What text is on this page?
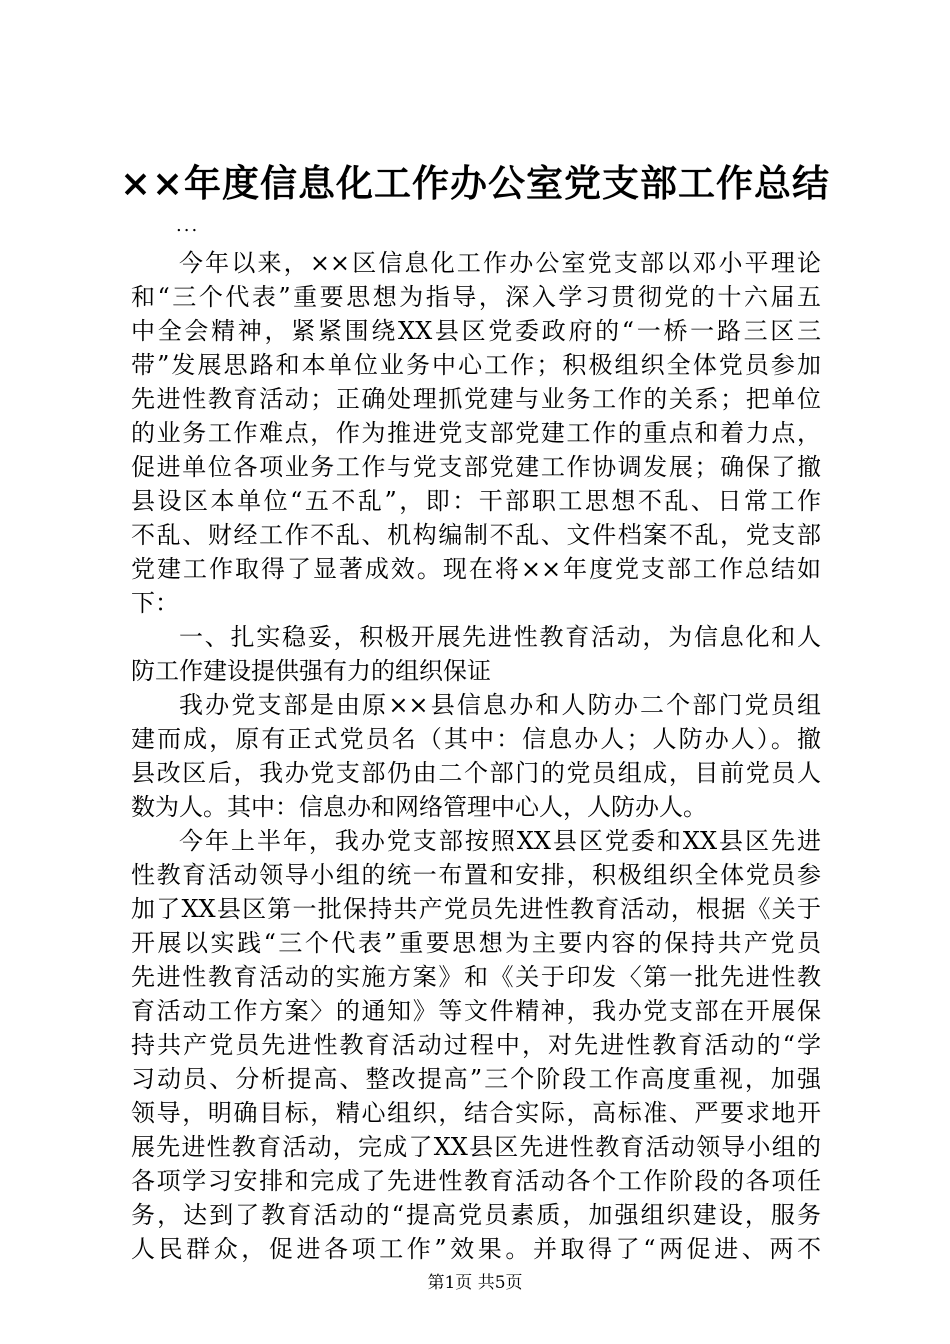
××年度信息化工作办公室党支部工作总结
...
今年以来，××区信息化工作办公室党支部以邓小平理论
和“三个代表”重要思想为指导，深入学习贯彻党的十六届五
中全会精神，紧紧围绕XX县区党委政府的“一桥一路三区三
带”发展思路和本单位业务中心工作；积极组织全体党员参加
先进性教育活动；正确处理抓党建与业务工作的关系；把单位
的业务工作难点，作为推进党支部党建工作的重点和着力点，
促进单位各项业务工作与党支部党建工作协调发展；确保了撤
县设区本单位“五不乱”，即：干部职工思想不乱、日常工作
不乱、财经工作不乱、机构编制不乱、文件档案不乱，党支部
党建工作取得了显著成效。现在将××年度党支部工作总结如
下：
一、扎实稳妥，积极开展先进性教育活动，为信息化和人
防工作建设提供强有力的组织保证
我办党支部是由原××县信息办和人防办二个部门党员组
建而成，原有正式党员名（其中：信息办人；人防办人）。撤
县改区后，我办党支部仍由二个部门的党员组成，目前党员人
数为人。其中：信息办和网络管理中心人，人防办人。
今年上半年，我办党支部按照XX县区党委和XX县区先进
性教育活动领导小组的统一布置和安排，积极组织全体党员参
加了XX县区第一批保持共产党员先进性教育活动，根据《关于
开展以实践“三个代表”重要思想为主要内容的保持共产党员
先进性教育活动的实施方案》和《关于印发〈第一批先进性教
育活动工作方案〉的通知》等文件精神，我办党支部在开展保
持共产党员先进性教育活动过程中，对先进性教育活动的“学
习动员、分析提高、整改提高”三个阶段工作高度重视，加强
领导，明确目标，精心组织，结合实际，高标准、严要求地开
展先进性教育活动，完成了XX县区先进性教育活动领导小组的
各项学习安排和完成了先进性教育活动各个工作阶段的各项任
务，达到了教育活动的“提高党员素质，加强组织建设，服务
人民群众，促进各项工作”效果。并取得了“两促进、两不
第1页 共5页
